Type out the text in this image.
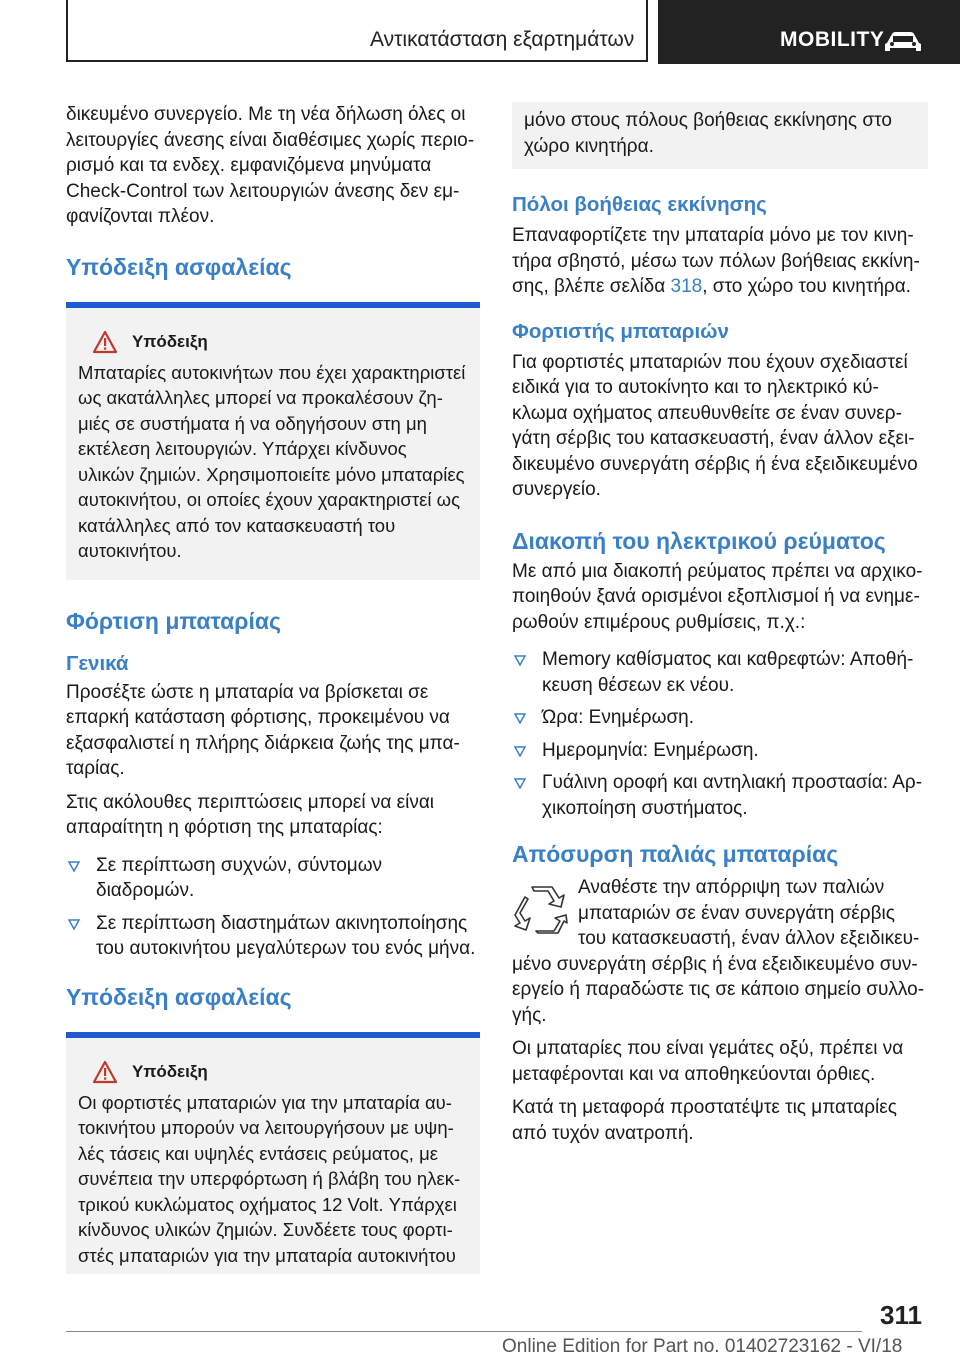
Αντικατάσταση εξαρτημάτων	MOBILITY

δικευμένο συνεργείο. Με τη νέα δήλωση όλες οι λειτουργίες άνεσης είναι διαθέσιμες χωρίς περιορισμό και τα ενδεχ. εμφανιζόμενα μηνύματα Check-Control των λειτουργιών άνεσης δεν εμφανίζονται πλέον.

Υπόδειξη ασφαλείας
Υπόδειξη

Μπαταρίες αυτοκινήτων που έχει χαρακτηριστεί ως ακατάλληλες μπορεί να προκαλέσουν ζημιές σε συστήματα ή να οδηγήσουν στη μη εκτέλεση λειτουργιών. Υπάρχει κίνδυνος υλικών ζημιών. Χρησιμοποιείτε μόνο μπαταρίες αυτοκινήτου, οι οποίες έχουν χαρακτηριστεί ως κατάλληλες από τον κατασκευαστή του αυτοκινήτου.

Φόρτιση μπαταρίας
Γενικά

Προσέξτε ώστε η μπαταρία να βρίσκεται σε επαρκή κατάσταση φόρτισης, προκειμένου να εξασφαλιστεί η πλήρης διάρκεια ζωής της μπαταρίας.

Στις ακόλουθες περιπτώσεις μπορεί να είναι απαραίτητη η φόρτιση της μπαταρίας:

Σε περίπτωση συχνών, σύντομων διαδρομών.
Σε περίπτωση διαστημάτων ακινητοποίησης του αυτοκινήτου μεγαλύτερων του ενός μήνα.
Υπόδειξη ασφαλείας
Υπόδειξη

Οι φορτιστές μπαταριών για την μπαταρία αυτοκινήτου μπορούν να λειτουργήσουν με υψηλές τάσεις και υψηλές εντάσεις ρεύματος, με συνέπεια την υπερφόρτωση ή βλάβη του ηλεκτρικού κυκλώματος οχήματος 12 Volt. Υπάρχει κίνδυνος υλικών ζημιών. Συνδέετε τους φορτιστές μπαταριών για την μπαταρία αυτοκινήτου

μόνο στους πόλους βοήθειας εκκίνησης στο χώρο κινητήρα.

Πόλοι βοήθειας εκκίνησης

Επαναφορτίζετε την μπαταρία μόνο με τον κινητήρα σβηστό, μέσω των πόλων βοήθειας εκκίνησης, βλέπε σελίδα 318, στο χώρο του κινητήρα.

Φορτιστής μπαταριών

Για φορτιστές μπαταριών που έχουν σχεδιαστεί ειδικά για το αυτοκίνητο και το ηλεκτρικό κύκλωμα οχήματος απευθυνθείτε σε έναν συνεργάτη σέρβις του κατασκευαστή, έναν άλλον εξειδικευμένο συνεργάτη σέρβις ή ένα εξειδικευμένο συνεργείο.

Διακοπή του ηλεκτρικού ρεύματος

Με από μια διακοπή ρεύματος πρέπει να αρχικοποιηθούν ξανά ορισμένοι εξοπλισμοί ή να ενημερωθούν επιμέρους ρυθμίσεις, π.χ.:

Memory καθίσματος και καθρεφτών: Αποθήκευση θέσεων εκ νέου.
Ώρα: Ενημέρωση.
Ημερομηνία: Ενημέρωση.
Γυάλινη οροφή και αντηλιακή προστασία: Αρχικοποίηση συστήματος.
Απόσυρση παλιάς μπαταρίας

Αναθέστε την απόρριψη των παλιών μπαταριών σε έναν συνεργάτη σέρβις του κατασκευαστή, έναν άλλον εξειδικευ-

μένο συνεργάτη σέρβις ή ένα εξειδικευμένο συνεργείο ή παραδώστε τις σε κάποιο σημείο συλλογής.

Οι μπαταρίες που είναι γεμάτες οξύ, πρέπει να μεταφέρονται και να αποθηκεύονται όρθιες.

Κατά τη μεταφορά προστατέψτε τις μπαταρίες από τυχόν ανατροπή.

311
Online Edition for Part no. 01402723162 - VI/18
